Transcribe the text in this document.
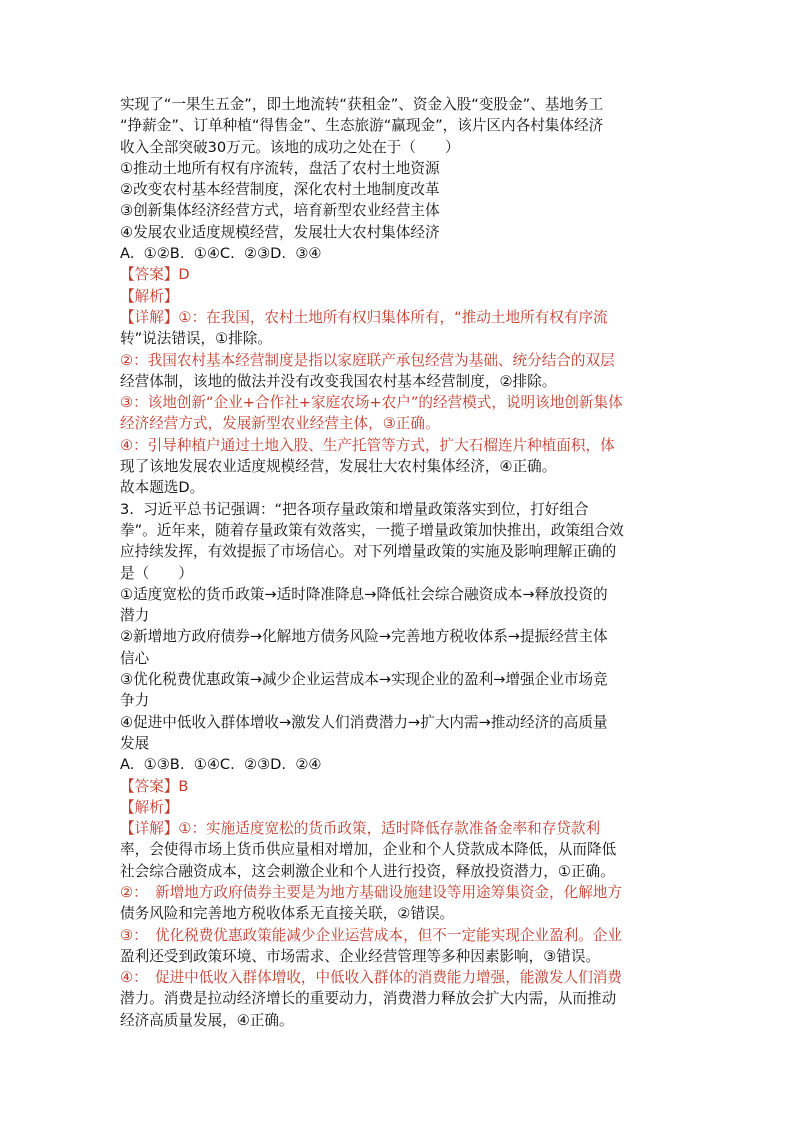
实现了“一果生五金”，即土地流转“获租金”、资金入股“变股金”、基地务工
“挣薪金”、订单种植“得售金”、生态旅游“赢现金”，该片区内各村集体经济
收入全部突破30万元。该地的成功之处在于（　　）
①推动土地所有权有序流转，盘活了农村土地资源
②改变农村基本经营制度，深化农村土地制度改革
③创新集体经济经营方式，培育新型农业经营主体
④发展农业适度规模经营，发展壮大农村集体经济
A.  ①②B.  ①④C.  ②③D.  ③④
【答案】D
【解析】
【详解】①：在我国，农村土地所有权归集体所有，“推动土地所有权有序流
转”说法错误，①排除。
②：我国农村基本经营制度是指以家庭联产承包经营为基础、统分结合的双层
经营体制，该地的做法并没有改变我国农村基本经营制度，②排除。
③：该地创新“企业+合作社+家庭农场+农户”的经营模式，说明该地创新集体
经济经营方式，发展新型农业经营主体，③正确。
④：引导种植户通过土地入股、生产托管等方式，扩大石榴连片种植面积，体
现了该地发展农业适度规模经营，发展壮大农村集体经济，④正确。
故本题选D。
3.  习近平总书记强调：“把各项存量政策和增量政策落实到位，打好组合
拳”。近年来，随着存量政策有效落实，一揽子增量政策加快推出，政策组合效
应持续发挥，有效提振了市场信心。对下列增量政策的实施及影响理解正确的
是（　　）
①适度宽松的货币政策→适时降准降息→降低社会综合融资成本→释放投资的
潜力
②新增地方政府债券→化解地方债务风险→完善地方税收体系→提振经营主体
信心
③优化税费优惠政策→减少企业运营成本→实现企业的盈利→增强企业市场竞
争力
④促进中低收入群体增收→激发人们消费潜力→扩大内需→推动经济的高质量
发展
A.  ①③B.  ①④C.  ②③D.  ②④
【答案】B
【解析】
【详解】①：实施适度宽松的货币政策，适时降低存款准备金率和存贷款利
率，会使得市场上货币供应量相对增加，企业和个人贷款成本降低，从而降低
社会综合融资成本，这会刺激企业和个人进行投资，释放投资潜力，①正确。
②：　新增地方政府债券主要是为地方基础设施建设等用途筹集资金，化解地方
债务风险和完善地方税收体系无直接关联，②错误。
③：　优化税费优惠政策能减少企业运营成本，但不一定能实现企业盈利。企业
盈利还受到政策环境、市场需求、企业经营管理等多种因素影响，③错误。
④：　促进中低收入群体增收，中低收入群体的消费能力增强，能激发人们消费
潜力。消费是拉动经济增长的重要动力，消费潜力释放会扩大内需，从而推动
经济高质量发展，④正确。
